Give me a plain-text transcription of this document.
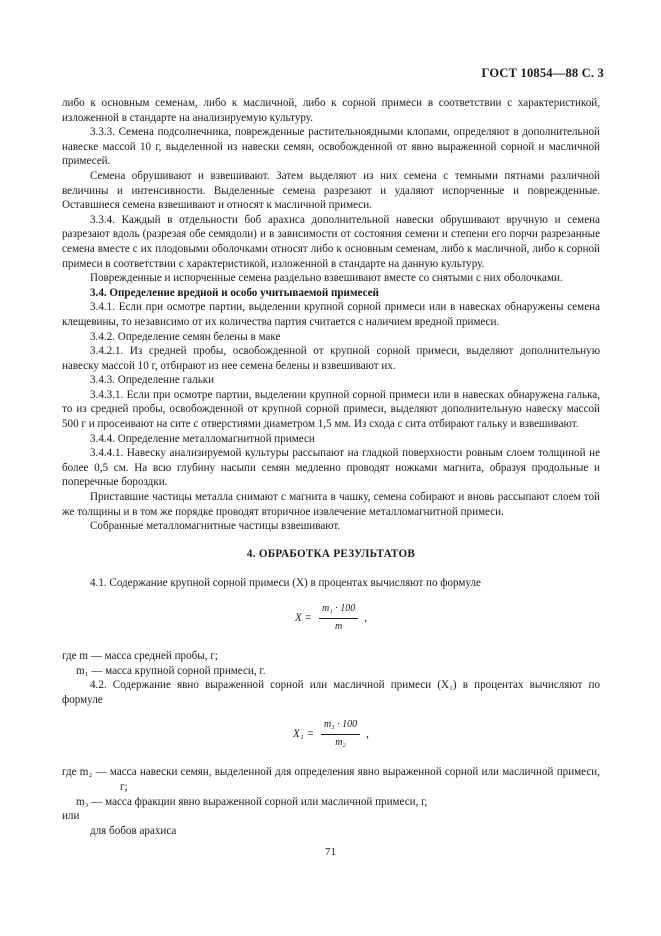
ГОСТ 10854—88 С. 3

либо к основным семенам, либо к масличной, либо к сорной примеси в соответствии с характеристикой, изложенной в стандарте на анализируемую культуру.

3.3.3. Семена подсолнечника, поврежденные растительноядными клопами, определяют в дополнительной навеске массой 10 г, выделенной из навески семян, освобожденной от явно выраженной сорной и масличной примесей.

Семена обрушивают и взвешивают. Затем выделяют из них семена с темными пятнами различной величины и интенсивности. Выделенные семена разрезают и удаляют испорченные и поврежденные. Оставшиеся семена взвешивают и относят к масличной примеси.

3.3.4. Каждый в отдельности боб арахиса дополнительной навески обрушивают вручную и семена разрезают вдоль (разрезая обе семядоли) и в зависимости от состояния семени и степени его порчи разрезанные семена вместе с их плодовыми оболочками относят либо к основным семенам, либо к масличной, либо к сорной примеси в соответствии с характеристикой, изложенной в стандарте на данную культуру.

Поврежденные и испорченные семена раздельно взвешивают вместе со снятыми с них оболочками.

3.4. Определение вредной и особо учитываемой примесей

3.4.1. Если при осмотре партии, выделении крупной сорной примеси или в навесках обнаружены семена клещевины, то независимо от их количества партия считается с наличием вредной примеси.

3.4.2. Определение семян белены в маке

3.4.2.1. Из средней пробы, освобожденной от крупной сорной примеси, выделяют дополнительную навеску массой 10 г, отбирают из нее семена белены и взвешивают их.

3.4.3. Определение гальки

3.4.3.1. Если при осмотре партии, выделении крупной сорной примеси или в навесках обнаружена галька, то из средней пробы, освобожденной от крупной сорной примеси, выделяют дополнительную навеску массой 500 г и просеивают на сите с отверстиями диаметром 1,5 мм. Из схода с сита отбирают гальку и взвешивают.

3.4.4. Определение металломагнитной примеси

3.4.4.1. Навеску анализируемой культуры рассыпают на гладкой поверхности ровным слоем толщиной не более 0,5 см. На всю глубину насыпи семян медленно проводят ножками магнита, образуя продольные и поперечные бороздки.

Приставшие частицы металла снимают с магнита в чашку, семена собирают и вновь рассыпают слоем той же толщины и в том же порядке проводят вторичное извлечение металломагнитной примеси.

Собранные металломагнитные частицы взвешивают.

4. ОБРАБОТКА РЕЗУЛЬТАТОВ

4.1. Содержание крупной сорной примеси (X) в процентах вычисляют по формуле

$X = \frac{\text{m₁ · 100}}{m}$ ,

где m — масса средней пробы, г;

m₁ — масса крупной сорной примеси, г.

4.2. Содержание явно выраженной сорной или масличной примеси (X₁) в процентах вычисляют по формуле

$X_1 = \frac{\text{m₃ · 100}}{\text{m₂}}$ ,

где m₂ — масса навески семян, выделенной для определения явно выраженной сорной или масличной примеси, г;

m₃ — масса фракции явно выраженной сорной или масличной примеси, г,

или

для бобов арахиса

71
